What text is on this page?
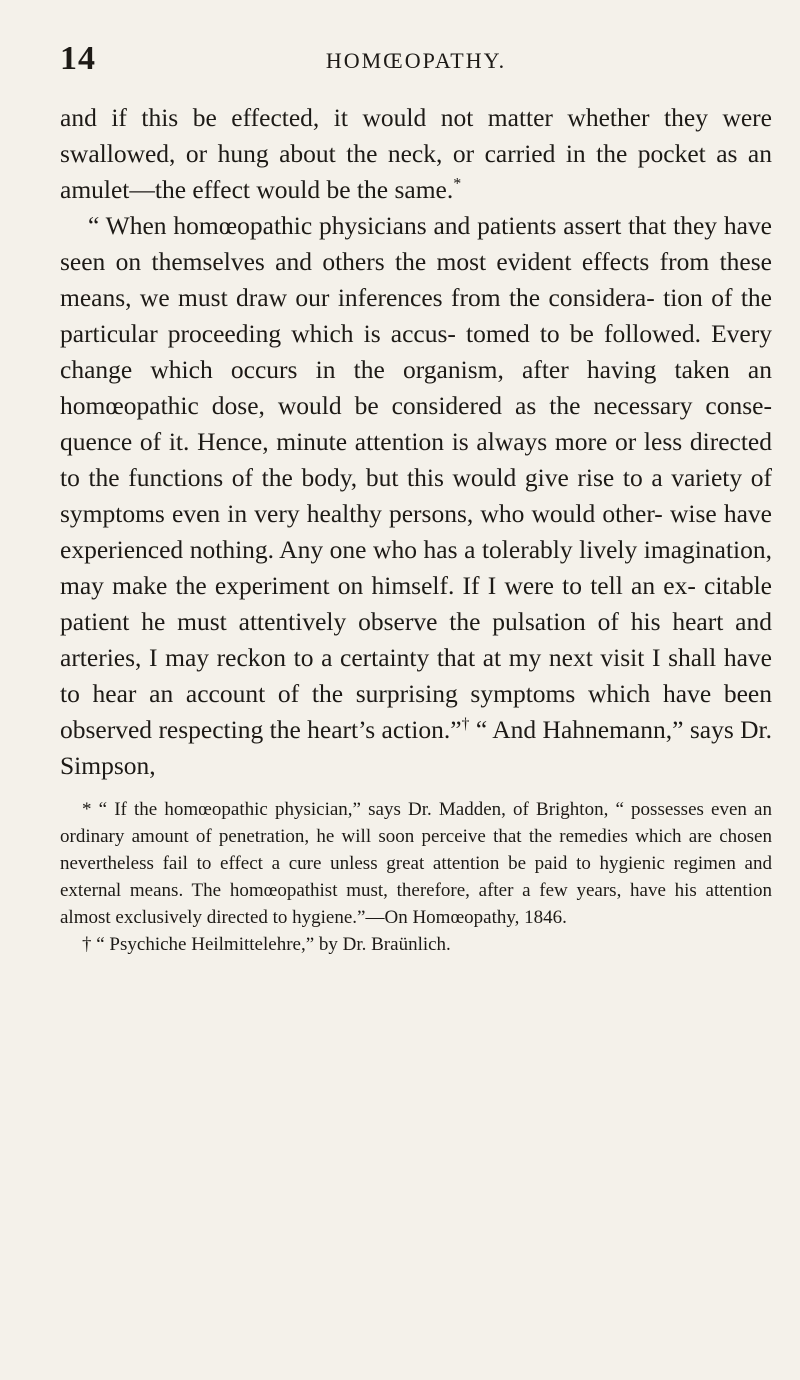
14	HOMŒOPATHY.

and if this be effected, it would not matter whether they were swallowed, or hung about the neck, or carried in the pocket as an amulet—the effect would be the same.*

“ When homœopathic physicians and patients assert that they have seen on themselves and others the most evident effects from these means, we must draw our inferences from the considera- tion of the particular proceeding which is accus- tomed to be followed. Every change which occurs in the organism, after having taken an homœopathic dose, would be considered as the necessary conse- quence of it. Hence, minute attention is always more or less directed to the functions of the body, but this would give rise to a variety of symptoms even in very healthy persons, who would other- wise have experienced nothing. Any one who has a tolerably lively imagination, may make the experiment on himself. If I were to tell an ex- citable patient he must attentively observe the pulsation of his heart and arteries, I may reckon to a certainty that at my next visit I shall have to hear an account of the surprising symptoms which have been observed respecting the heart’s action.”† “ And Hahnemann,” says Dr. Simpson,

* “ If the homœopathic physician,” says Dr. Madden, of Brighton, “ possesses even an ordinary amount of penetration, he will soon perceive that the remedies which are chosen nevertheless fail to effect a cure unless great attention be paid to hygienic regimen and external means. The homœopathist must, therefore, after a few years, have his attention almost exclusively directed to hygiene.”—On Homœopathy, 1846.

† “ Psychiche Heilmittelehre,” by Dr. Braünlich.
